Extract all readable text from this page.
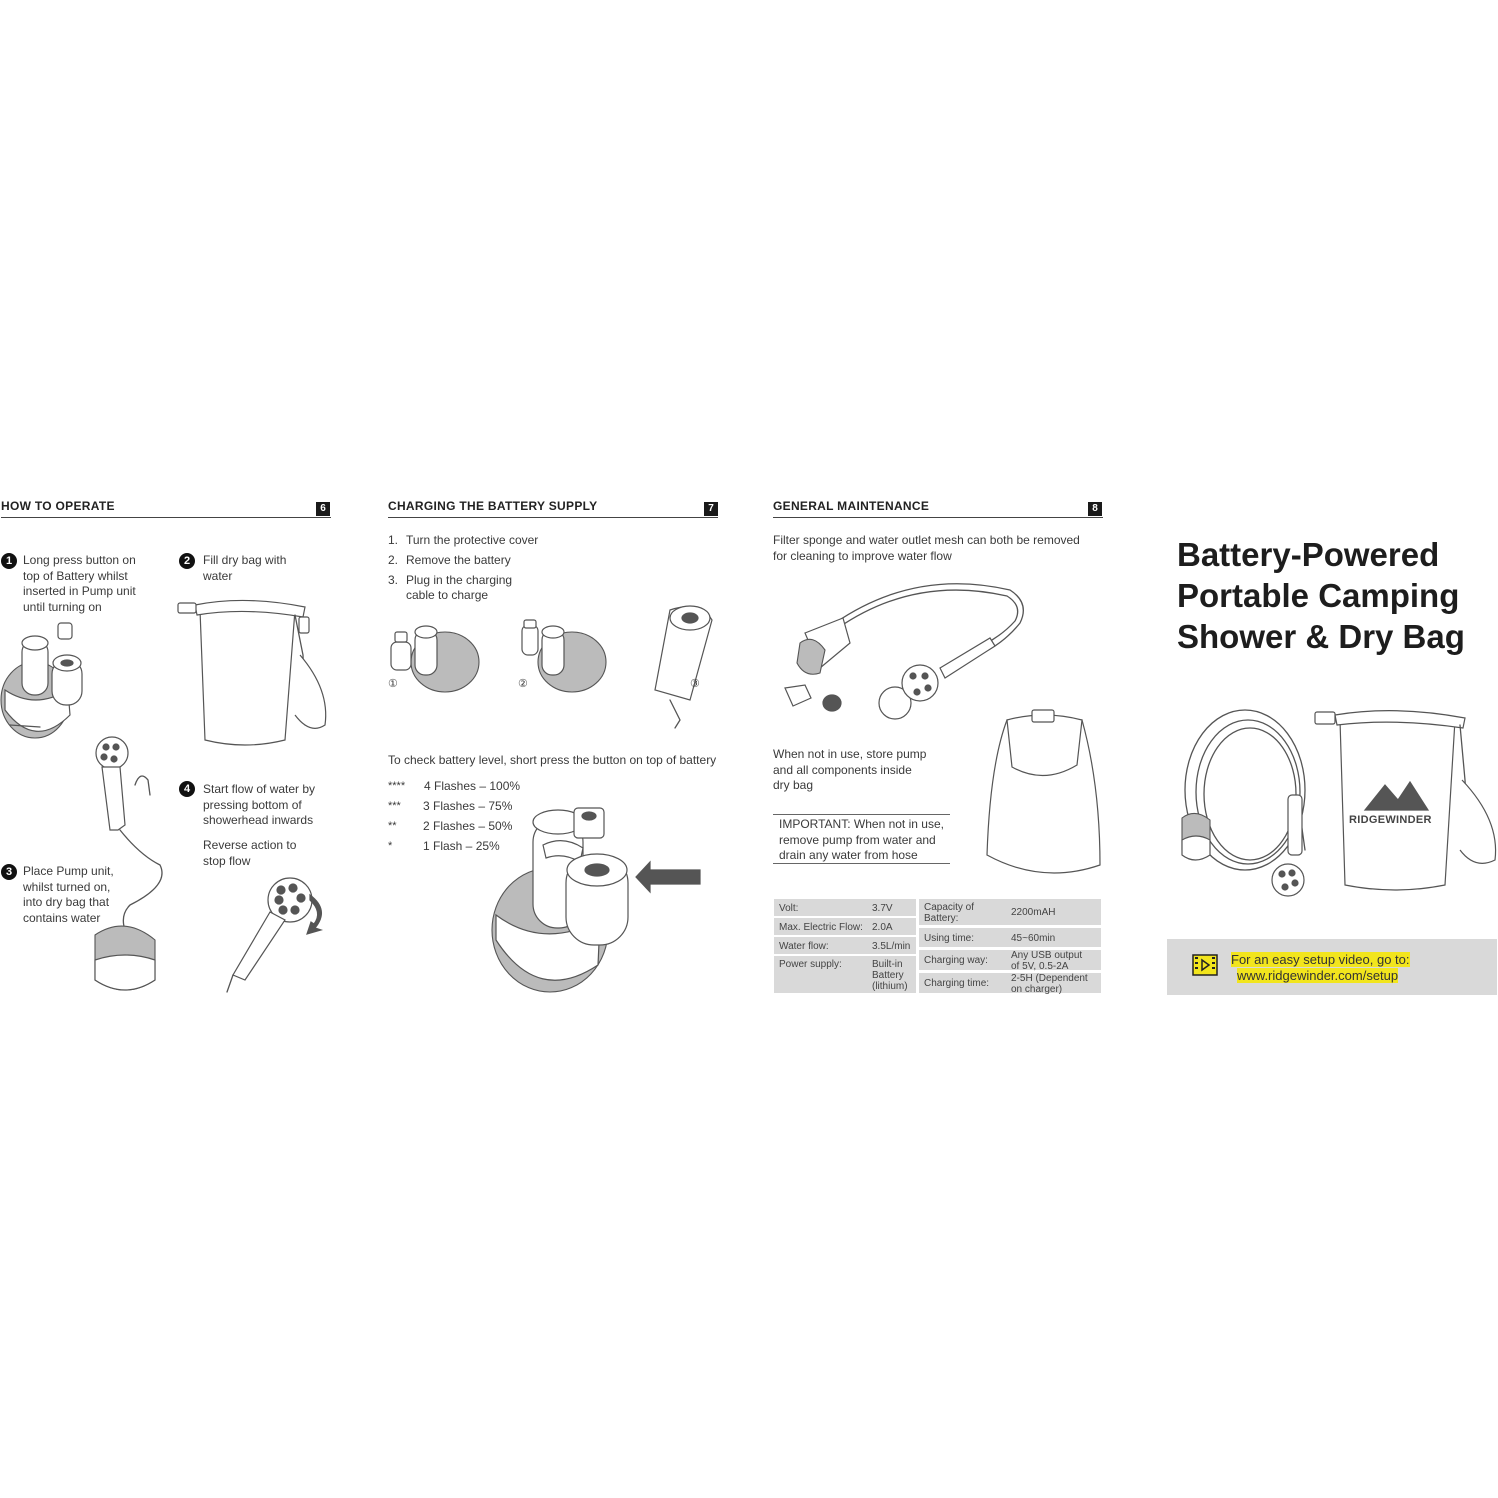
HOW TO OPERATE	6
1 Long press button on
top of Battery whilst
inserted in Pump unit
until turning on
2	Fill dry bag with
water
3 Place Pump unit,
whilst turned on,
into dry bag that
contains water
4	Start flow of water by
pressing bottom of
showerhead inwards
Reverse action to
stop flow
CHARGING THE BATTERY SUPPLY	7
1. Turn the protective cover
2. Remove the battery
3. Plug in the charging
cable to charge
①	②	③
To check battery level, short press the button on top of battery
**** 4 Flashes – 100%
*** 3 Flashes – 75%
** 2 Flashes – 50%
*	1 Flash – 25%
GENERAL MAINTENANCE	8
Filter sponge and water outlet mesh can both be removed
for cleaning to improve water flow
When not in use, store pump
and all components inside
dry bag
IMPORTANT: When not in use,
remove pump from water and
drain any water from hose
Volt:	3.7V
Max. Electric Flow: 2.0A
Water flow:	3.5L/min
Power supply:	Built-in
Battery
(lithium)
Capacity of
Battery:
2200mAH
Using time:	45~60min
Charging way: Any USB output
of 5V, 0.5-2A
Charging time: 2-5H (Dependent
on charger)
Battery-Powered
Portable Camping
Shower & Dry Bag
RIDGEWINDER
For an easy setup video, go to:
www.ridgewinder.com/setup
